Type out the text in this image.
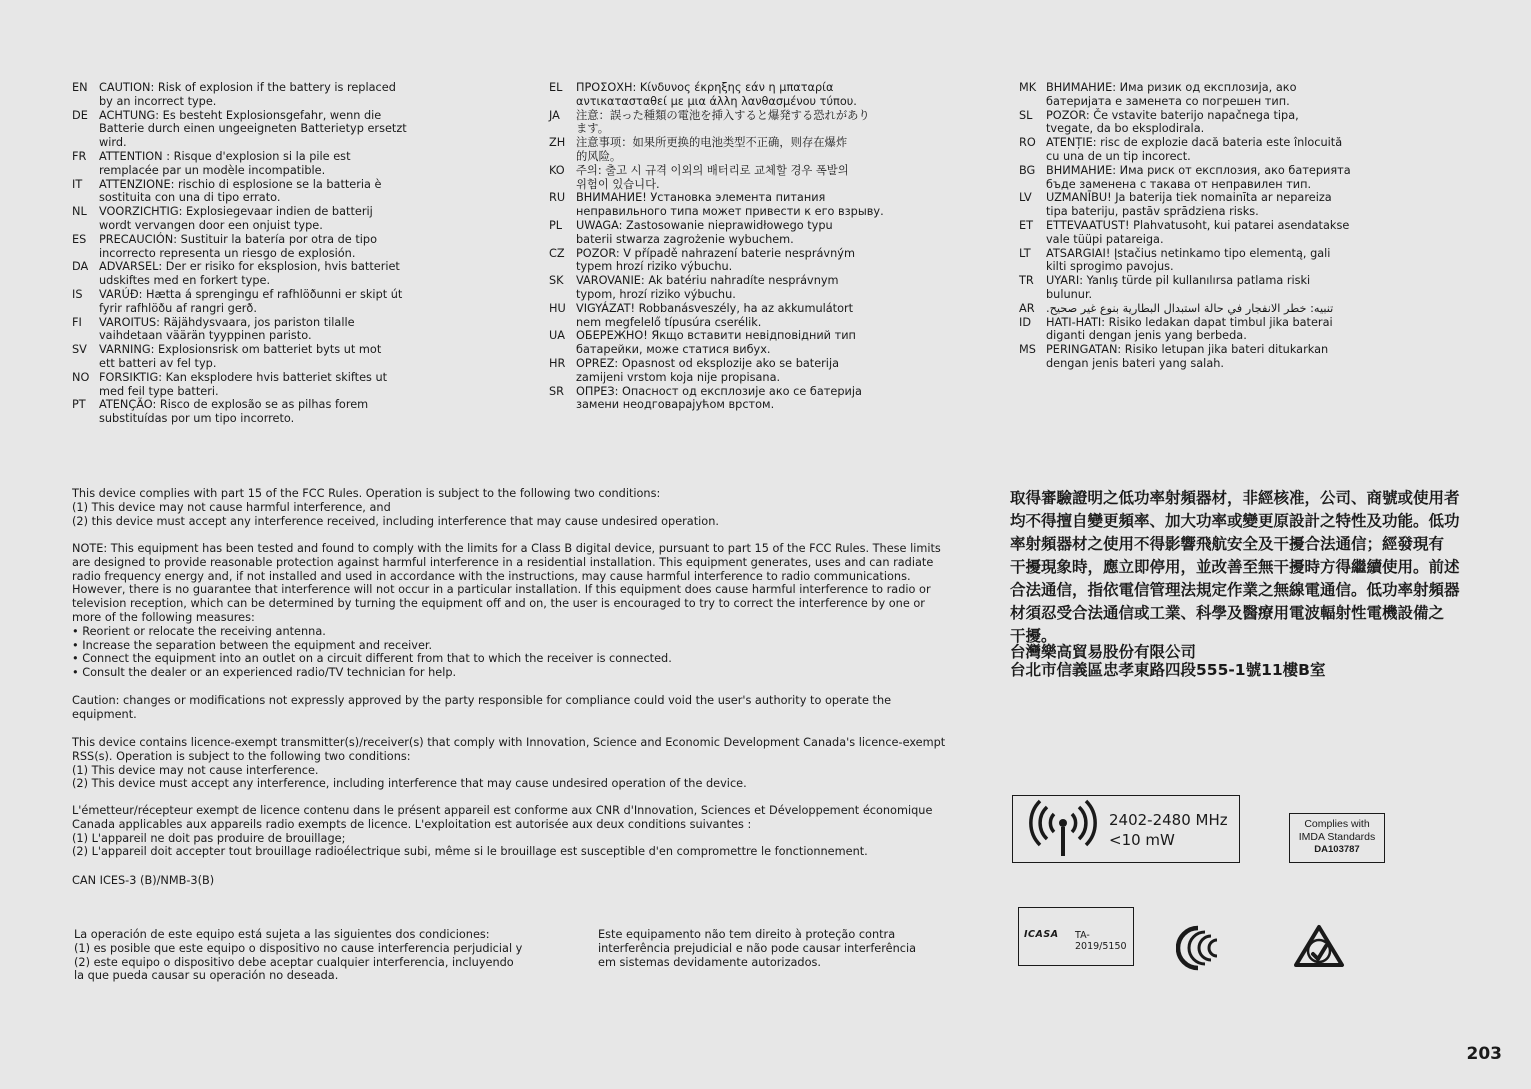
EN	CAUTION: Risk of explosion if the battery is replaced
by an incorrect type.
DE ACHTUNG: Es besteht Explosionsgefahr, wenn die
Batterie durch einen ungeeigneten Batterietyp ersetzt
wird.
FR	ATTENTION : Risque d'explosion si la pile est
remplacée par un modèle incompatible.
IT	ATTENZIONE: rischio di esplosione se la batteria è
sostituita con una di tipo errato.
NL	VOORZICHTIG: Explosiegevaar indien de batterij
wordt vervangen door een onjuist type.
ES	PRECAUCIÓN: Sustituir la batería por otra de tipo
incorrecto representa un riesgo de explosión.
DA ADVARSEL: Der er risiko for eksplosion, hvis batteriet
udskiftes med en forkert type.
IS	VARÚÐ: Hætta á sprengingu ef rafhlöðunni er skipt út
fyrir rafhlöðu af rangri gerð.
FI	VAROITUS: Räjähdysvaara, jos pariston tilalle
vaihdetaan väärän tyyppinen paristo.
SV	VARNING: Explosionsrisk om batteriet byts ut mot
ett batteri av fel typ.
NO FORSIKTIG: Kan eksplodere hvis batteriet skiftes ut
med feil type batteri.
PT	ATENÇÃO: Risco de explosão se as pilhas forem
substituídas por um tipo incorreto.
EL	ΠΡΟΣΟΧΗ: Κίνδυνος έκρηξης εάν η μπαταρία
αντικατασταθεί με μια άλλη λανθασμένου τύπου.
JA	注意：誤った種類の電池を挿入すると爆発する恐れがあり
ます。
ZH 注意事项：如果所更换的电池类型不正确，则存在爆炸
的风险。
KO	주의: 출고 시 규격 이외의 배터리로 교체할 경우 폭발의
위험이 있습니다.
RU ВНИМАНИЕ! Установка элемента питания
неправильного типа может привести к его взрыву.
PL	UWAGA: Zastosowanie nieprawidłowego typu
baterii stwarza zagrożenie wybuchem.
CZ	POZOR: V případě nahrazení baterie nesprávným
typem hrozí riziko výbuchu.
SK	VAROVANIE: Ak batériu nahradíte nesprávnym
typom, hrozí riziko výbuchu.
HU VIGYÁZAT! Robbanásveszély, ha az akkumulátort
nem megfelelő típusúra cserélik.
UA ОБЕРЕЖНО! Якщо вставити невідповідний тип
батарейки, може статися вибух.
HR OPREZ: Opasnost od eksplozije ako se baterija
zamijeni vrstom koja nije propisana.
SR	ОПРЕЗ: Опасност од експлозије ако се батерија
замени неодговарајућом врстом.
MK ВНИМАНИЕ: Има ризик од експлозија, ако
батеријата е заменета со погрешен тип.
SL	POZOR: Če vstavite baterijo napačnega tipa,
tvegate, da bo eksplodirala.
RO ATENȚIE: risc de explozie dacă bateria este înlocuită
cu una de un tip incorect.
BG ВНИМАНИЕ: Има риск от експлозия, ако батерията
бъде заменена с такава от неправилен тип.
LV	UZMANĪBU! Ja baterija tiek nomainīta ar nepareiza
tipa bateriju, pastāv sprādziena risks.
ET	ETTEVAATUST! Plahvatusoht, kui patarei asendatakse
vale tüüpi patareiga.
LT	ATSARGIAI! Įstačius netinkamo tipo elementą, gali
kilti sprogimo pavojus.
TR	UYARI: Yanlış türde pil kullanılırsa patlama riski
bulunur.
AR	تنبيه: خطر الانفجار في حالة استبدال البطارية بنوع غير صحيح.
ID	HATI-HATI: Risiko ledakan dapat timbul jika baterai
diganti dengan jenis yang berbeda.
MS PERINGATAN: Risiko letupan jika bateri ditukarkan
dengan jenis bateri yang salah.
This device complies with part 15 of the FCC Rules. Operation is subject to the following two conditions:
(1) This device may not cause harmful interference, and
(2) this device must accept any interference received, including interference that may cause undesired operation.
NOTE: This equipment has been tested and found to comply with the limits for a Class B digital device, pursuant to part 15 of the FCC Rules. These limits
are designed to provide reasonable protection against harmful interference in a residential installation. This equipment generates, uses and can radiate
radio frequency energy and, if not installed and used in accordance with the instructions, may cause harmful interference to radio communications.
However, there is no guarantee that interference will not occur in a particular installation. If this equipment does cause harmful interference to radio or
television reception, which can be determined by turning the equipment off and on, the user is encouraged to try to correct the interference by one or
more of the following measures:
• Reorient or relocate the receiving antenna.
• Increase the separation between the equipment and receiver.
• Connect the equipment into an outlet on a circuit different from that to which the receiver is connected.
• Consult the dealer or an experienced radio/TV technician for help.
Caution: changes or modifications not expressly approved by the party responsible for compliance could void the user's authority to operate the
equipment.
This device contains licence-exempt transmitter(s)/receiver(s) that comply with Innovation, Science and Economic Development Canada's licence-exempt
RSS(s). Operation is subject to the following two conditions:
(1) This device may not cause interference.
(2) This device must accept any interference, including interference that may cause undesired operation of the device.
L'émetteur/récepteur exempt de licence contenu dans le présent appareil est conforme aux CNR d'Innovation, Sciences et Développement économique
Canada applicables aux appareils radio exempts de licence. L'exploitation est autorisée aux deux conditions suivantes :
(1) L'appareil ne doit pas produire de brouillage;
(2) L'appareil doit accepter tout brouillage radioélectrique subi, même si le brouillage est susceptible d'en compromettre le fonctionnement.
CAN ICES-3 (B)/NMB-3(B)
La operación de este equipo está sujeta a las siguientes dos condiciones:
(1) es posible que este equipo o dispositivo no cause interferencia perjudicial y
(2) este equipo o dispositivo debe aceptar cualquier interferencia, incluyendo
la que pueda causar su operación no deseada.
Este equipamento não tem direito à proteção contra
interferência prejudicial e não pode causar interferência
em sistemas devidamente autorizados.
取得審驗證明之低功率射頻器材，非經核准，公司、商號或使用者
均不得擅自變更頻率、加大功率或變更原設計之特性及功能。低功
率射頻器材之使用不得影響飛航安全及干擾合法通信；經發現有
干擾現象時，應立即停用，並改善至無干擾時方得繼續使用。前述
合法通信，指依電信管理法規定作業之無線電通信。低功率射頻器
材須忍受合法通信或工業、科學及醫療用電波輻射性電機設備之
干擾。
台灣樂高貿易股份有限公司
台北市信義區忠孝東路四段555-1號11樓B室
2402-2480 MHz
<10 mW
Complies with
IMDA Standards
DA103787
ICASA TA-2019/5150
203
